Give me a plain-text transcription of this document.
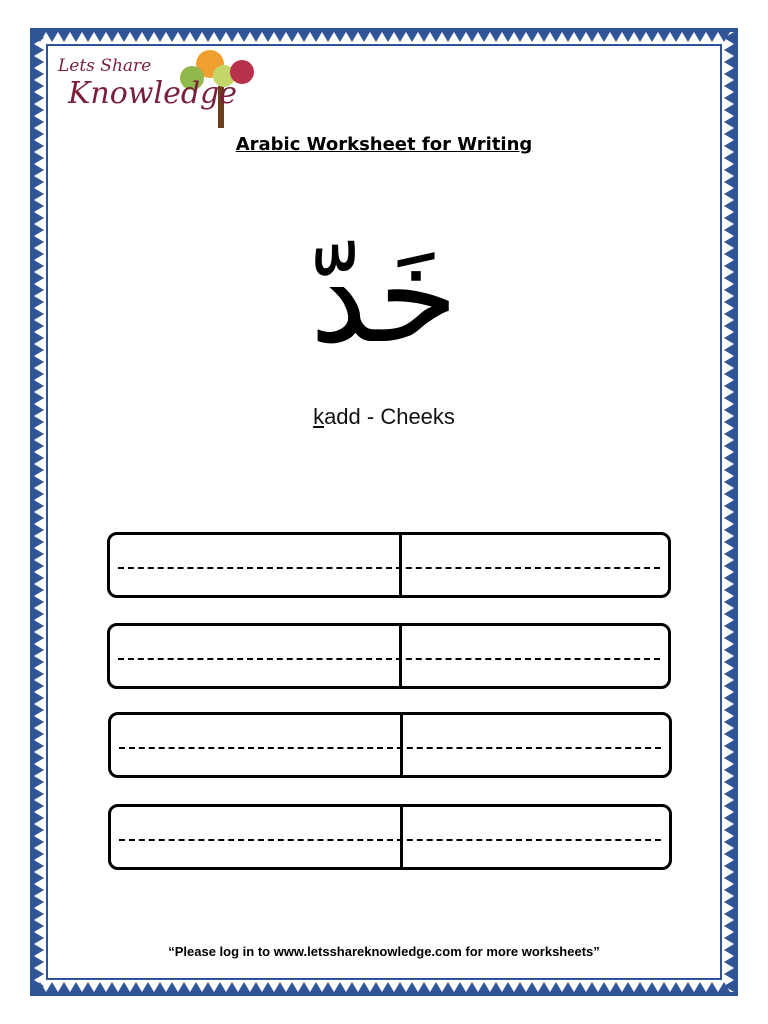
Lets Share
Knowledge
Arabic Worksheet for Writing
خَدّ
kadd - Cheeks
“Please log in to www.letsshareknowledge.com for more worksheets”
